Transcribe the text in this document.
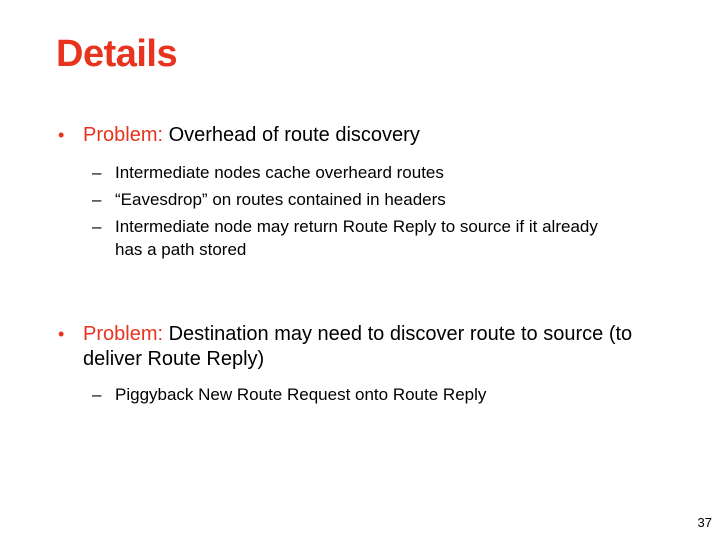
Details
• Problem: Overhead of route discovery
– Intermediate nodes cache overheard routes
– “Eavesdrop” on routes contained in headers
– Intermediate node may return Route Reply to source if it already has a path stored
• Problem: Destination may need to discover route to source (to deliver Route Reply)
– Piggyback New Route Request onto Route Reply
37
